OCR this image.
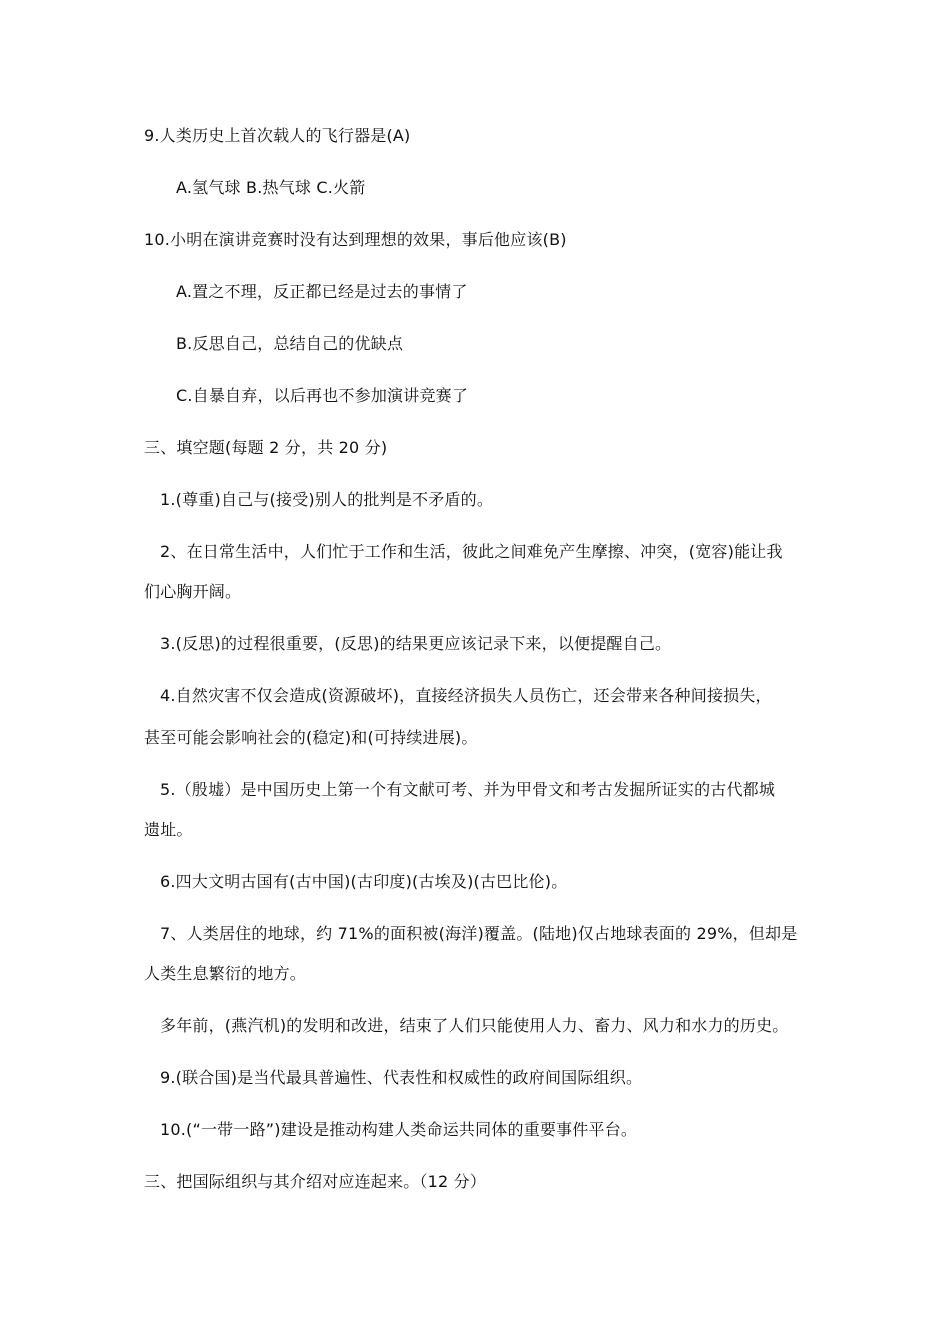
9.人类历史上首次载人的飞行器是(A)
A.氢气球 B.热气球 C.火箭
10.小明在演讲竞赛时没有达到理想的效果，事后他应该(B)
A.置之不理，反正都已经是过去的事情了
B.反思自己，总结自己的优缺点
C.自暴自弃，以后再也不参加演讲竞赛了
三、填空题(每题 2 分，共 20 分)
1.(尊重)自己与(接受)别人的批判是不矛盾的。
2、在日常生活中，人们忙于工作和生活，彼此之间难免产生摩擦、冲突，(宽容)能让我
们心胸开阔。
3.(反思)的过程很重要，(反思)的结果更应该记录下来，以便提醒自己。
4.自然灾害不仅会造成(资源破坏)，直接经济损失人员伤亡，还会带来各种间接损失，
甚至可能会影响社会的(稳定)和(可持续进展)。
5.（殷墟）是中国历史上第一个有文献可考、并为甲骨文和考古发掘所证实的古代都城
遗址。
6.四大文明古国有(古中国)(古印度)(古埃及)(古巴比伦)。
7、人类居住的地球，约 71%的面积被(海洋)覆盖。(陆地)仅占地球表面的 29%，但却是
人类生息繁衍的地方。
多年前，(燕汽机)的发明和改进，结束了人们只能使用人力、畜力、风力和水力的历史。
9.(联合国)是当代最具普遍性、代表性和权威性的政府间国际组织。
10.(“一带一路”)建设是推动构建人类命运共同体的重要事件平台。
三、把国际组织与其介绍对应连起来。（12 分）
